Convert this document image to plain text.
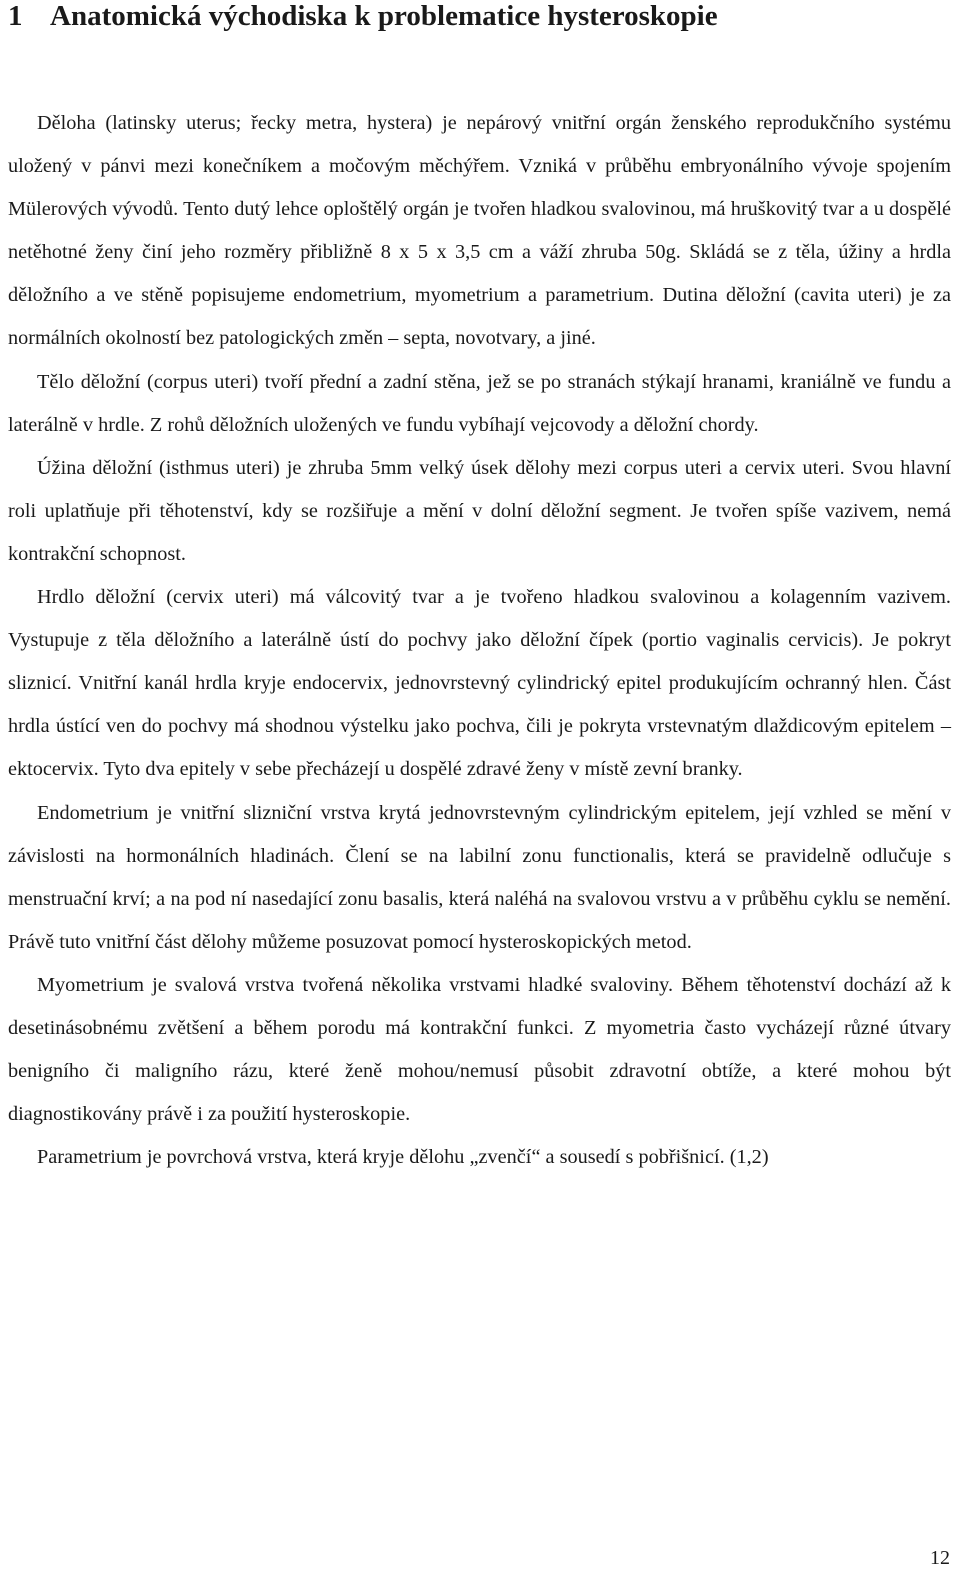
1 Anatomická východiska k problematice hysteroskopie

Děloha (latinsky uterus; řecky metra, hystera) je nepárový vnitřní orgán ženského reprodukčního systému uložený v pánvi mezi konečníkem a močovým měchýřem. Vzniká v průběhu embryonálního vývoje spojením Mülerových vývodů. Tento dutý lehce oploštělý orgán je tvořen hladkou svalovinou, má hruškovitý tvar a u dospělé netěhotné ženy činí jeho rozměry přibližně 8 x 5 x 3,5 cm a váží zhruba 50g. Skládá se z těla, úžiny a hrdla děložního a ve stěně popisujeme endometrium, myometrium a parametrium. Dutina děložní (cavita uteri) je za normálních okolností bez patologických změn – septa, novotvary, a jiné.

Tělo děložní (corpus uteri) tvoří přední a zadní stěna, jež se po stranách stýkají hranami, kraniálně ve fundu a laterálně v hrdle. Z rohů děložních uložených ve fundu vybíhají vejcovody a děložní chordy.

Úžina děložní (isthmus uteri) je zhruba 5mm velký úsek dělohy mezi corpus uteri a cervix uteri. Svou hlavní roli uplatňuje při těhotenství, kdy se rozšiřuje a mění v dolní děložní segment. Je tvořen spíše vazivem, nemá kontrakční schopnost.

Hrdlo děložní (cervix uteri) má válcovitý tvar a je tvořeno hladkou svalovinou a kolagenním vazivem. Vystupuje z těla děložního a laterálně ústí do pochvy jako děložní čípek (portio vaginalis cervicis). Je pokryt sliznicí. Vnitřní kanál hrdla kryje endocervix, jednovrstevný cylindrický epitel produkujícím ochranný hlen. Část hrdla ústící ven do pochvy má shodnou výstelku jako pochva, čili je pokryta vrstevnatým dlaždicovým epitelem – ektocervix. Tyto dva epitely v sebe přecházejí u dospělé zdravé ženy v místě zevní branky.

Endometrium je vnitřní slizniční vrstva krytá jednovrstevným cylindrickým epitelem, její vzhled se mění v závislosti na hormonálních hladinách. Člení se na labilní zonu functionalis, která se pravidelně odlučuje s menstruační krví; a na pod ní nasedající zonu basalis, která naléhá na svalovou vrstvu a v průběhu cyklu se nemění. Právě tuto vnitřní část dělohy můžeme posuzovat pomocí hysteroskopických metod.

Myometrium je svalová vrstva tvořená několika vrstvami hladké svaloviny. Během těhotenství dochází až k desetinásobnému zvětšení a během porodu má kontrakční funkci. Z myometria často vycházejí různé útvary benigního či maligního rázu, které ženě mohou/nemusí působit zdravotní obtíže, a které mohou být diagnostikovány právě i za použití hysteroskopie.

Parametrium je povrchová vrstva, která kryje dělohu „zvenčí“ a sousedí s pobřišnicí. (1,2)

12
